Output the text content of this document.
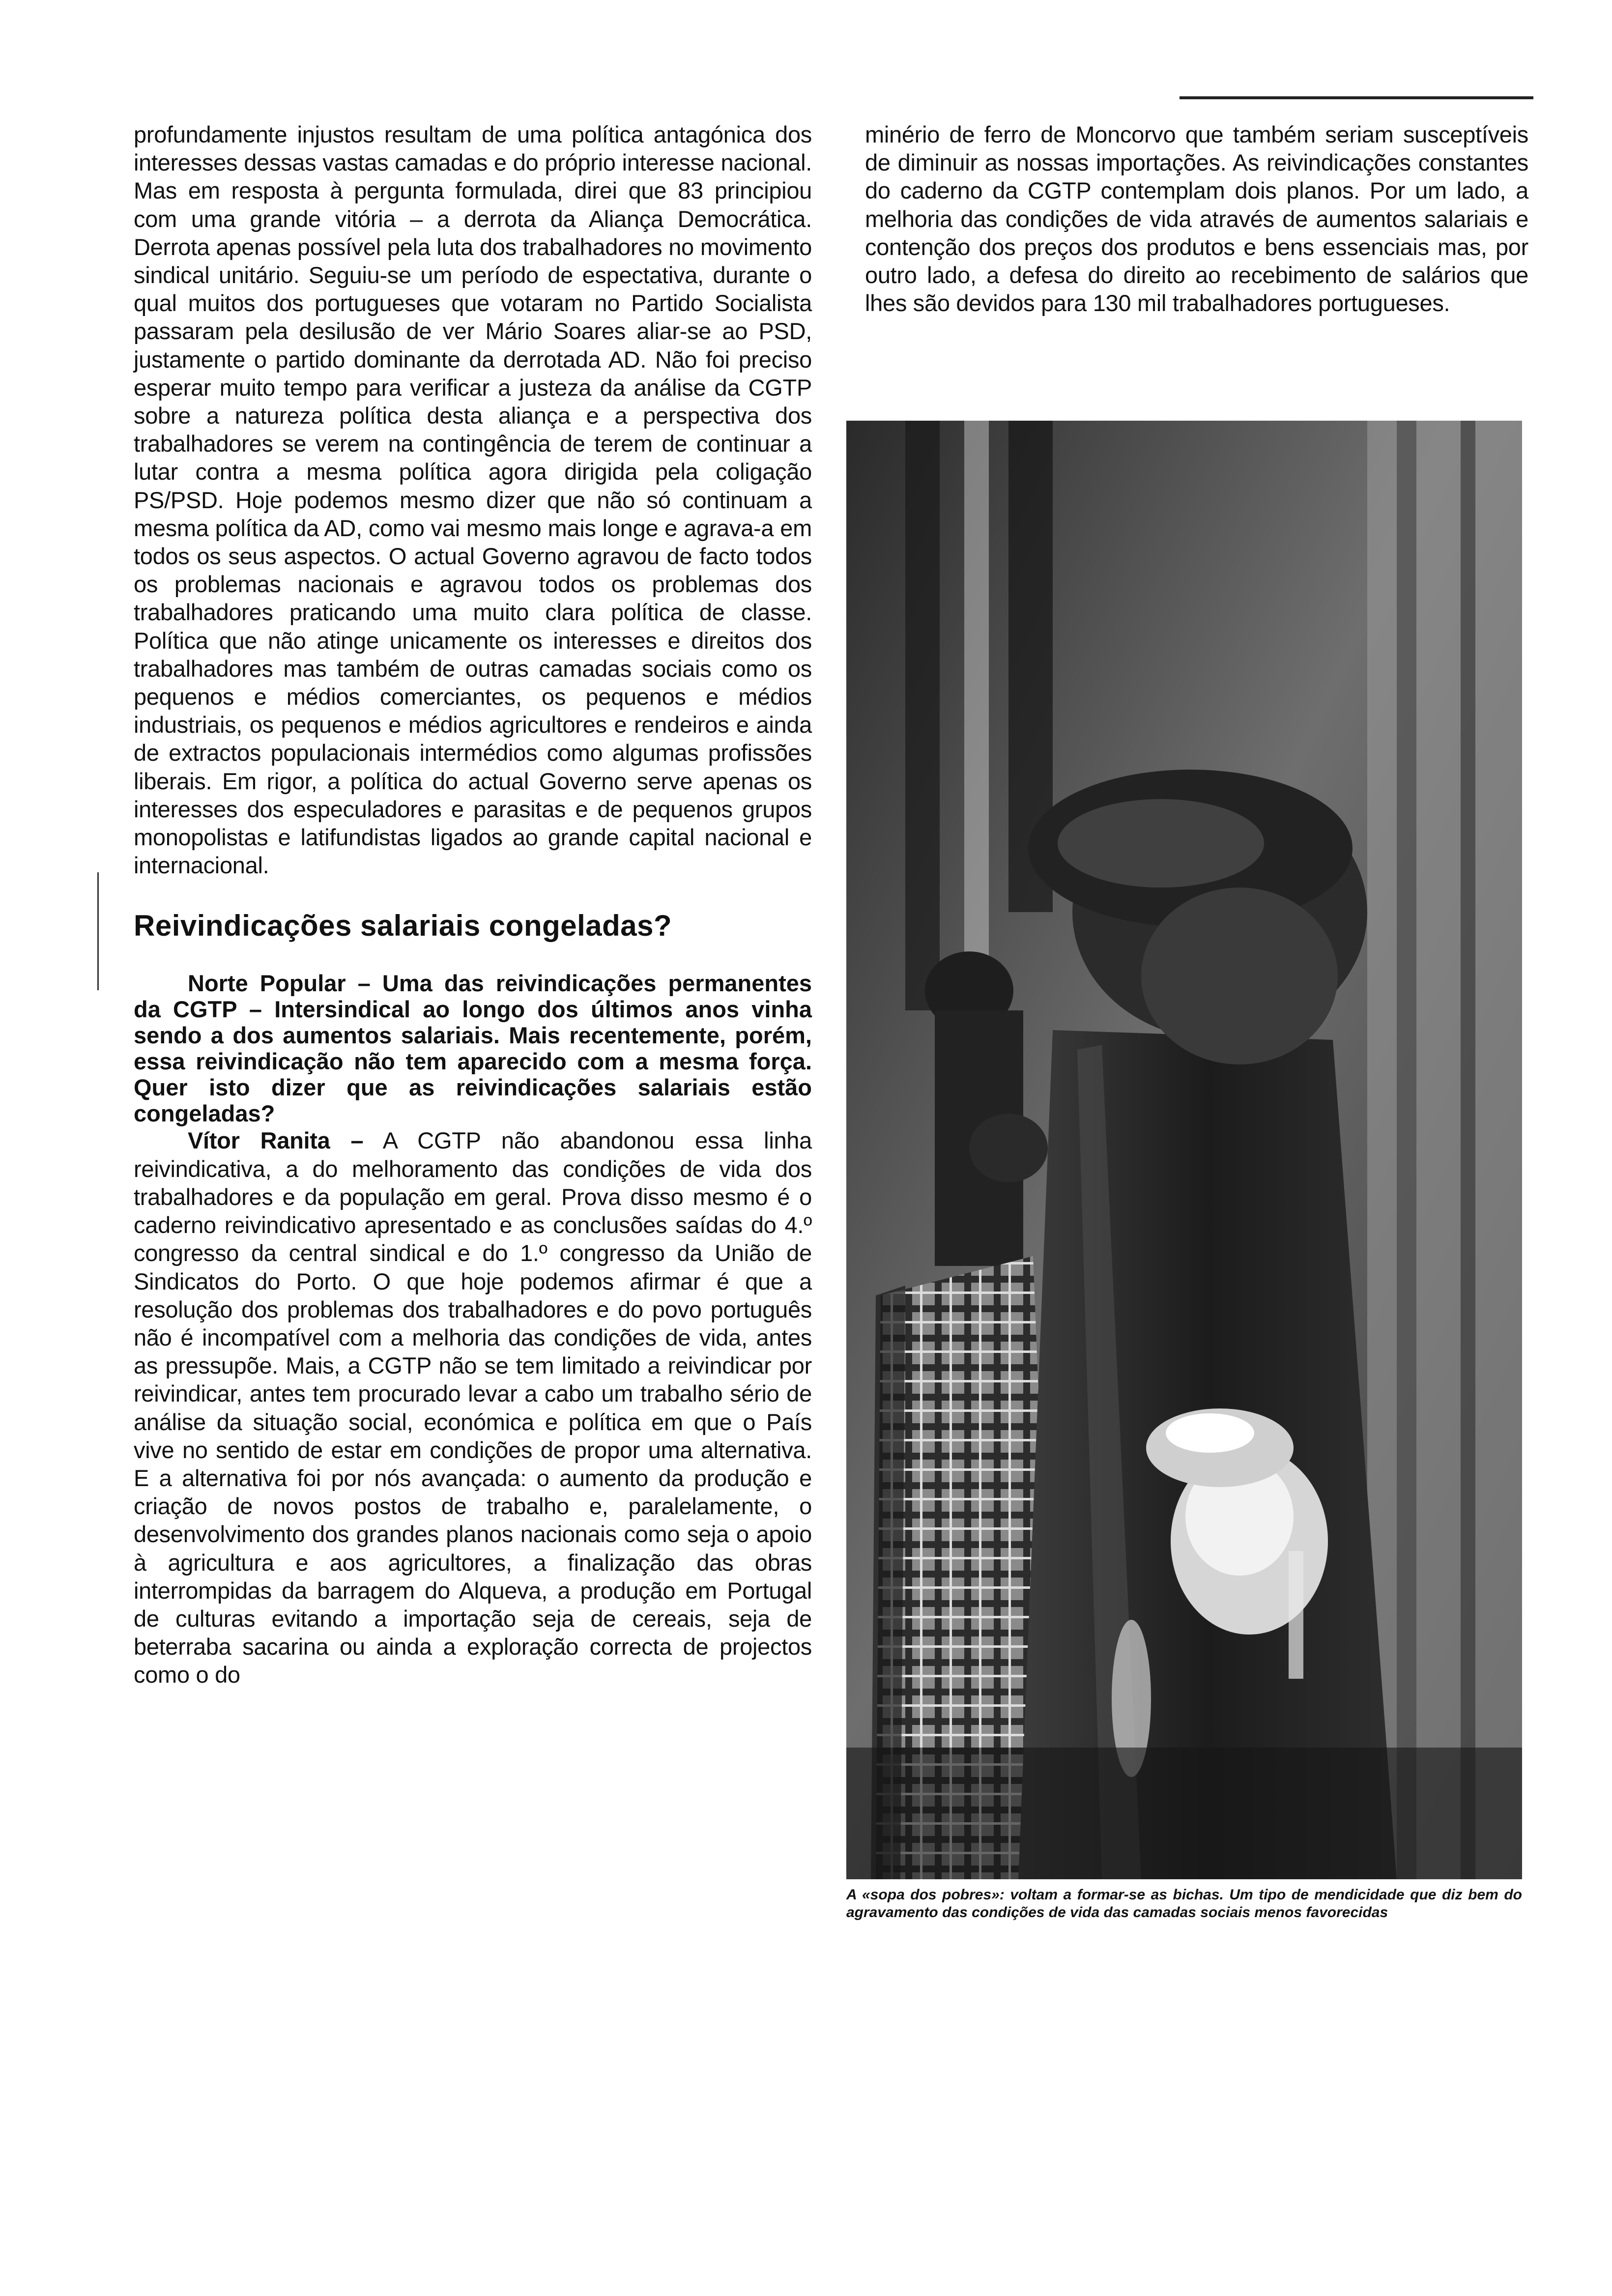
profundamente injustos resultam de uma política antagónica dos interesses dessas vastas camadas e do próprio interesse nacional. Mas em resposta à pergunta formulada, direi que 83 principiou com uma grande vitória – a derrota da Aliança Democrática. Derrota apenas possível pela luta dos trabalhadores no movimento sindical unitário. Seguiu-se um período de espectativa, durante o qual muitos dos portugueses que votaram no Partido Socialista passaram pela desilusão de ver Mário Soares aliar-se ao PSD, justamente o partido dominante da derrotada AD. Não foi preciso esperar muito tempo para verificar a justeza da análise da CGTP sobre a natureza política desta aliança e a perspectiva dos trabalhadores se verem na contingência de terem de continuar a lutar contra a mesma política agora dirigida pela coligação PS/PSD. Hoje podemos mesmo dizer que não só continuam a mesma política da AD, como vai mesmo mais longe e agrava-a em todos os seus aspectos. O actual Governo agravou de facto todos os problemas nacionais e agravou todos os problemas dos trabalhadores praticando uma muito clara política de classe. Política que não atinge unicamente os interesses e direitos dos trabalhadores mas também de outras camadas sociais como os pequenos e médios comerciantes, os pequenos e médios industriais, os pequenos e médios agricultores e rendeiros e ainda de extractos populacionais intermédios como algumas profissões liberais. Em rigor, a política do actual Governo serve apenas os interesses dos especuladores e parasitas e de pequenos grupos monopolistas e latifundistas ligados ao grande capital nacional e internacional.

Reivindicações salariais congeladas?

Norte Popular – Uma das reivindicações permanentes da CGTP – Intersindical ao longo dos últimos anos vinha sendo a dos aumentos salariais. Mais recentemente, porém, essa reivindicação não tem aparecido com a mesma força. Quer isto dizer que as reivindicações salariais estão congeladas?

Vítor Ranita – A CGTP não abandonou essa linha reivindicativa, a do melhoramento das condições de vida dos trabalhadores e da população em geral. Prova disso mesmo é o caderno reivindicativo apresentado e as conclusões saídas do 4.º congresso da central sindical e do 1.º congresso da União de Sindicatos do Porto. O que hoje podemos afirmar é que a resolução dos problemas dos trabalhadores e do povo português não é incompatível com a melhoria das condições de vida, antes as pressupõe. Mais, a CGTP não se tem limitado a reivindicar por reivindicar, antes tem procurado levar a cabo um trabalho sério de análise da situação social, económica e política em que o País vive no sentido de estar em condições de propor uma alternativa. E a alternativa foi por nós avançada: o aumento da produção e criação de novos postos de trabalho e, paralelamente, o desenvolvimento dos grandes planos nacionais como seja o apoio à agricultura e aos agricultores, a finalização das obras interrompidas da barragem do Alqueva, a produção em Portugal de culturas evitando a importação seja de cereais, seja de beterraba sacarina ou ainda a exploração correcta de projectos como o do

minério de ferro de Moncorvo que também seriam susceptíveis de diminuir as nossas importações. As reivindicações constantes do caderno da CGTP contemplam dois planos. Por um lado, a melhoria das condições de vida através de aumentos salariais e contenção dos preços dos produtos e bens essenciais mas, por outro lado, a defesa do direito ao recebimento de salários que lhes são devidos para 130 mil trabalhadores portugueses.

A «sopa dos pobres»: voltam a formar-se as bichas. Um tipo de mendicidade que diz bem do agravamento das condições de vida das camadas sociais menos favorecidas
